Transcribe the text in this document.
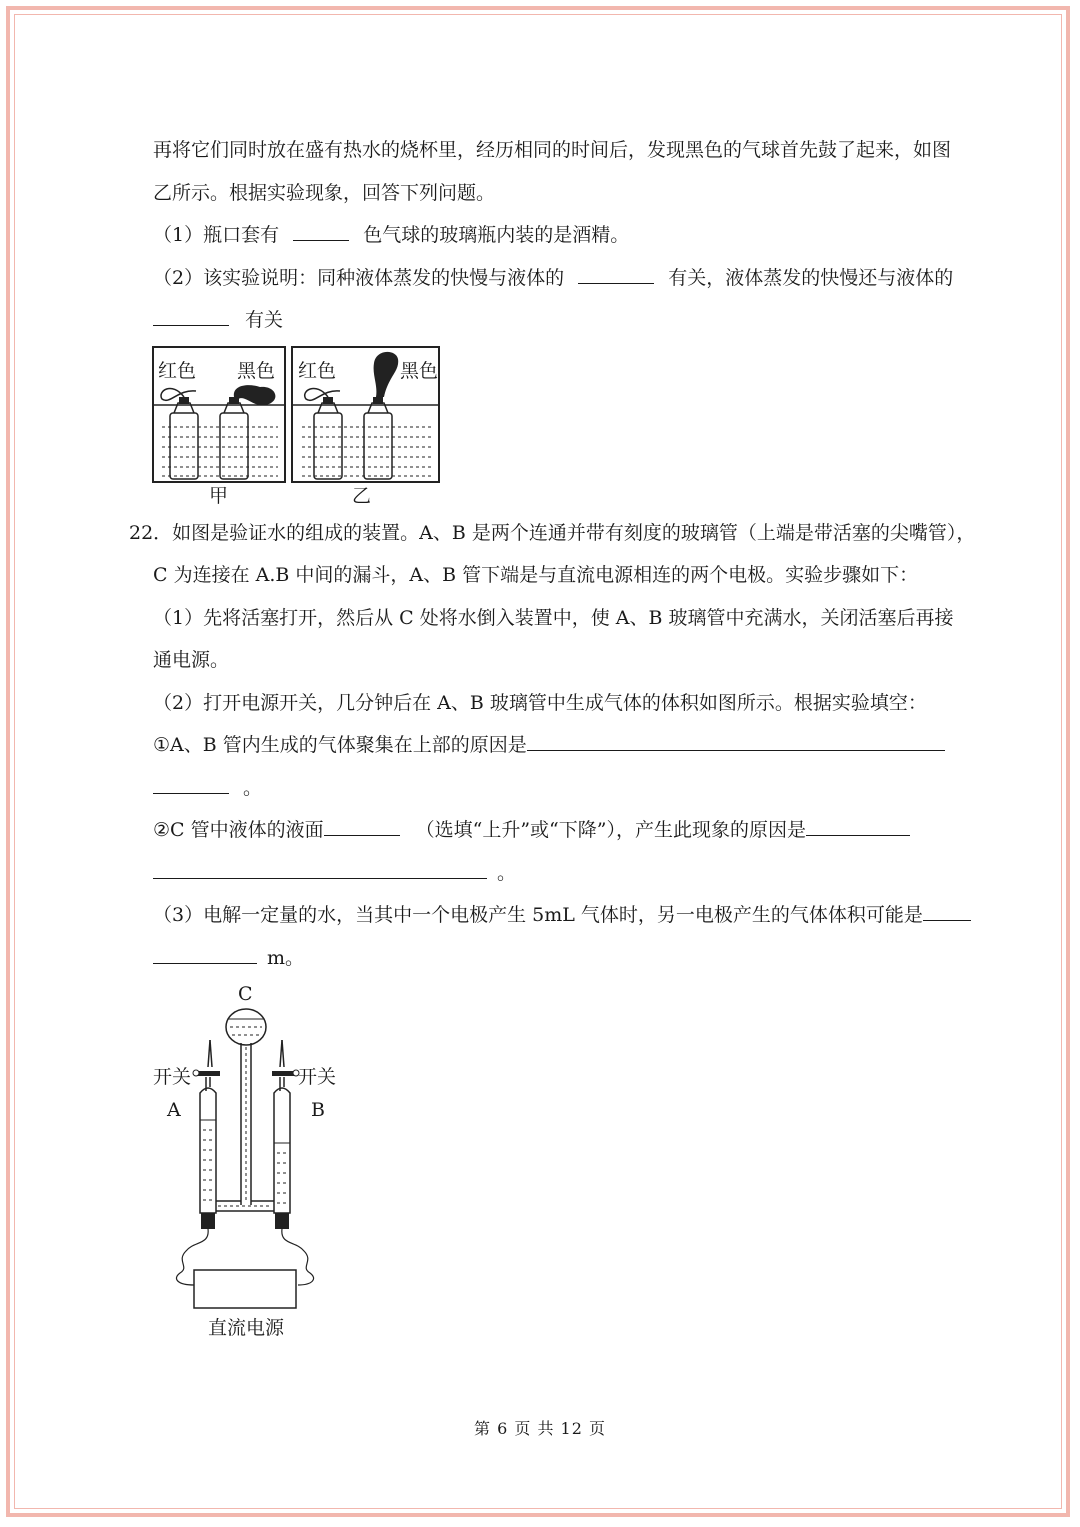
再将它们同时放在盛有热水的烧杯里，经历相同的时间后，发现黑色的气球首先鼓了起来，如图
乙所示。根据实验现象，回答下列问题。
（1）瓶口套有	色气球的玻璃瓶内装的是酒精。
（2）该实验说明：同种液体蒸发的快慢与液体的	有关，液体蒸发的快慢还与液体的
有关
红色 黑色 红色	黑色
甲	乙
22．如图是验证水的组成的装置。A、B 是两个连通并带有刻度的玻璃管（上端是带活塞的尖嘴管），
C 为连接在 A.B 中间的漏斗，A、B 管下端是与直流电源相连的两个电极。实验步骤如下：
（1）先将活塞打开，然后从 C 处将水倒入装置中，使 A、B 玻璃管中充满水，关闭活塞后再接
通电源。
（2）打开电源开关，几分钟后在 A、B 玻璃管中生成气体的体积如图所示。根据实验填空：
①A、B 管内生成的气体聚集在上部的原因是
。
②C 管中液体的液面	（选填“上升”或“下降”），产生此现象的原因是
。
（3）电解一定量的水，当其中一个电极产生 5mL 气体时，另一电极产生的气体体积可能是
m。
C
开关	开关
A	B
直流电源
第 6 页 共 12 页
